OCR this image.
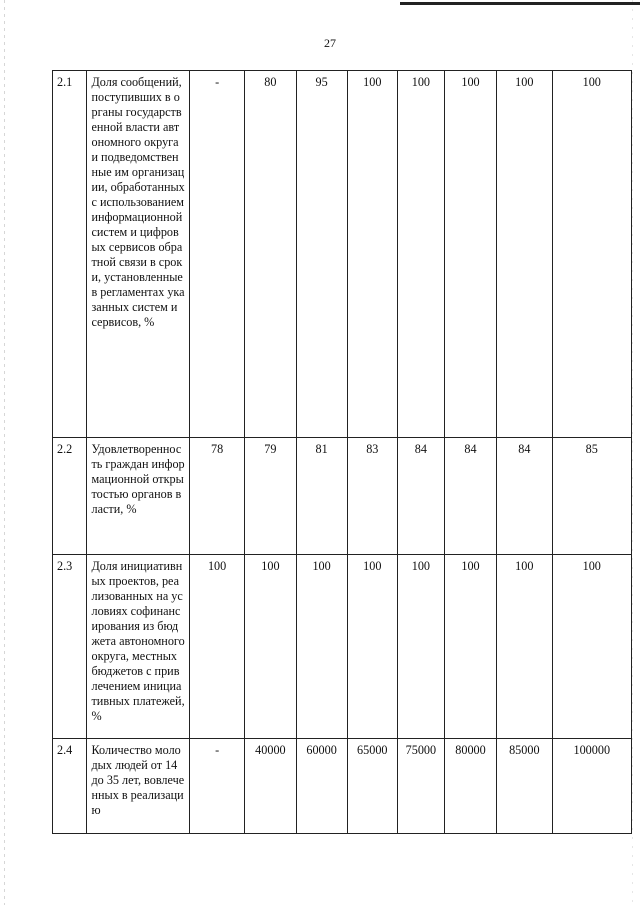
27
2.1	Доля сообщений, поступивших в органы государственной власти автономного округа и подведомственные им организации, обработанных с использованием информационной систем и цифровых сервисов обратной связи в сроки, установленные в регламентах указанных систем и сервисов, %	-	80	95	100	100	100	100	100
2.2	Удовлетворенность граждан информационной открытостью органов власти, %	78	79	81	83	84	84	84	85
2.3	Доля инициативных проектов, реализованных на условиях софинансирования из бюджета автономного округа, местных бюджетов с привлечением инициативных платежей, %	100	100	100	100	100	100	100	100
2.4	Количество молодых людей от 14 до 35 лет, вовлеченных в реализацию	-	40000	60000	65000	75000	80000	85000	100000
